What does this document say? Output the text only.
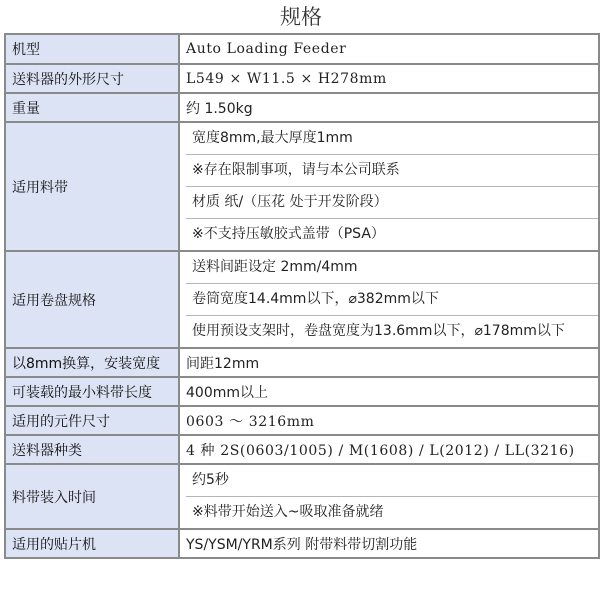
规格
机型	Auto Loading Feeder
送料器的外形尺寸	L549 × W11.5 × H278mm
重量	约 1.50kg
适用料带	宽度8mm,最大厚度1mm
※存在限制事项，请与本公司联系
材质 纸/（压花 处于开发阶段）
※不支持压敏胶式盖带（PSA）

适用卷盘规格	送料间距设定 2mm/4mm
卷筒宽度14.4mm以下，⌀382mm以下
使用预设支架时，卷盘宽度为13.6mm以下，⌀178mm以下

以8mm换算，安装宽度	间距12mm
可装载的最小料带长度	400mm以上
适用的元件尺寸	0603 ～ 3216mm
送料器种类	4 种 2S(0603/1005) / M(1608) / L(2012) / LL(3216)
料带装入时间	约5秒
※料带开始送入~吸取准备就绪

适用的贴片机	YS/YSM/YRM系列 附带料带切割功能
